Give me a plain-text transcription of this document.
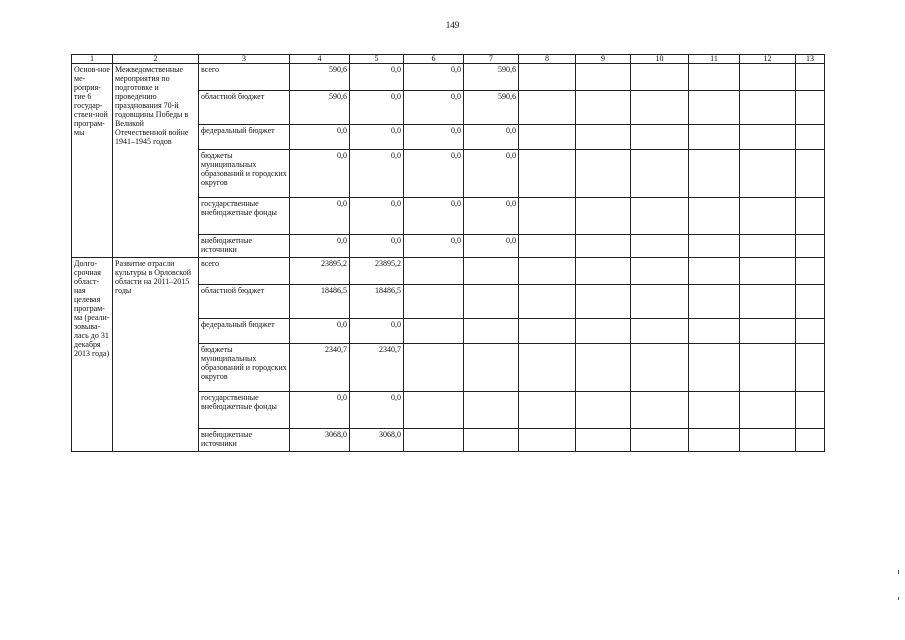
149
1	2	3	4	5	6	7	8	9	10	11	12	13
Основ-ное ме-роприя-тие 6 государ-ствен-ной програм-мы	Межведомственные мероприятия по подготовке и проведению празднования 70-й годовщины Победы в Великой Отечественной войне 1941–1945 годов	всего	590,6	0,0	0,0	590,6						
		областной бюджет	590,6	0,0	0,0	590,6						
		федеральный бюджет	0,0	0,0	0,0	0,0						
		бюджеты муниципальных образований и городских округов	0,0	0,0	0,0	0,0						
		государственные внебюджетные фонды	0,0	0,0	0,0	0,0						
		внебюджетные источники	0,0	0,0	0,0	0,0						
Долго-срочная област-ная целевая програм-ма (реали-зовыва-лась до 31 декабря 2013 года)	Развитие отрасли культуры в Орловской области на 2011–2015 годы	всего	23895,2	23895,2								
		областной бюджет	18486,5	18486,5								
		федеральный бюджет	0,0	0,0								
		бюджеты муниципальных образований и городских округов	2340,7	2340,7								
		государственные внебюджетные фонды	0,0	0,0								
		внебюджетные источники	3068,0	3068,0								
